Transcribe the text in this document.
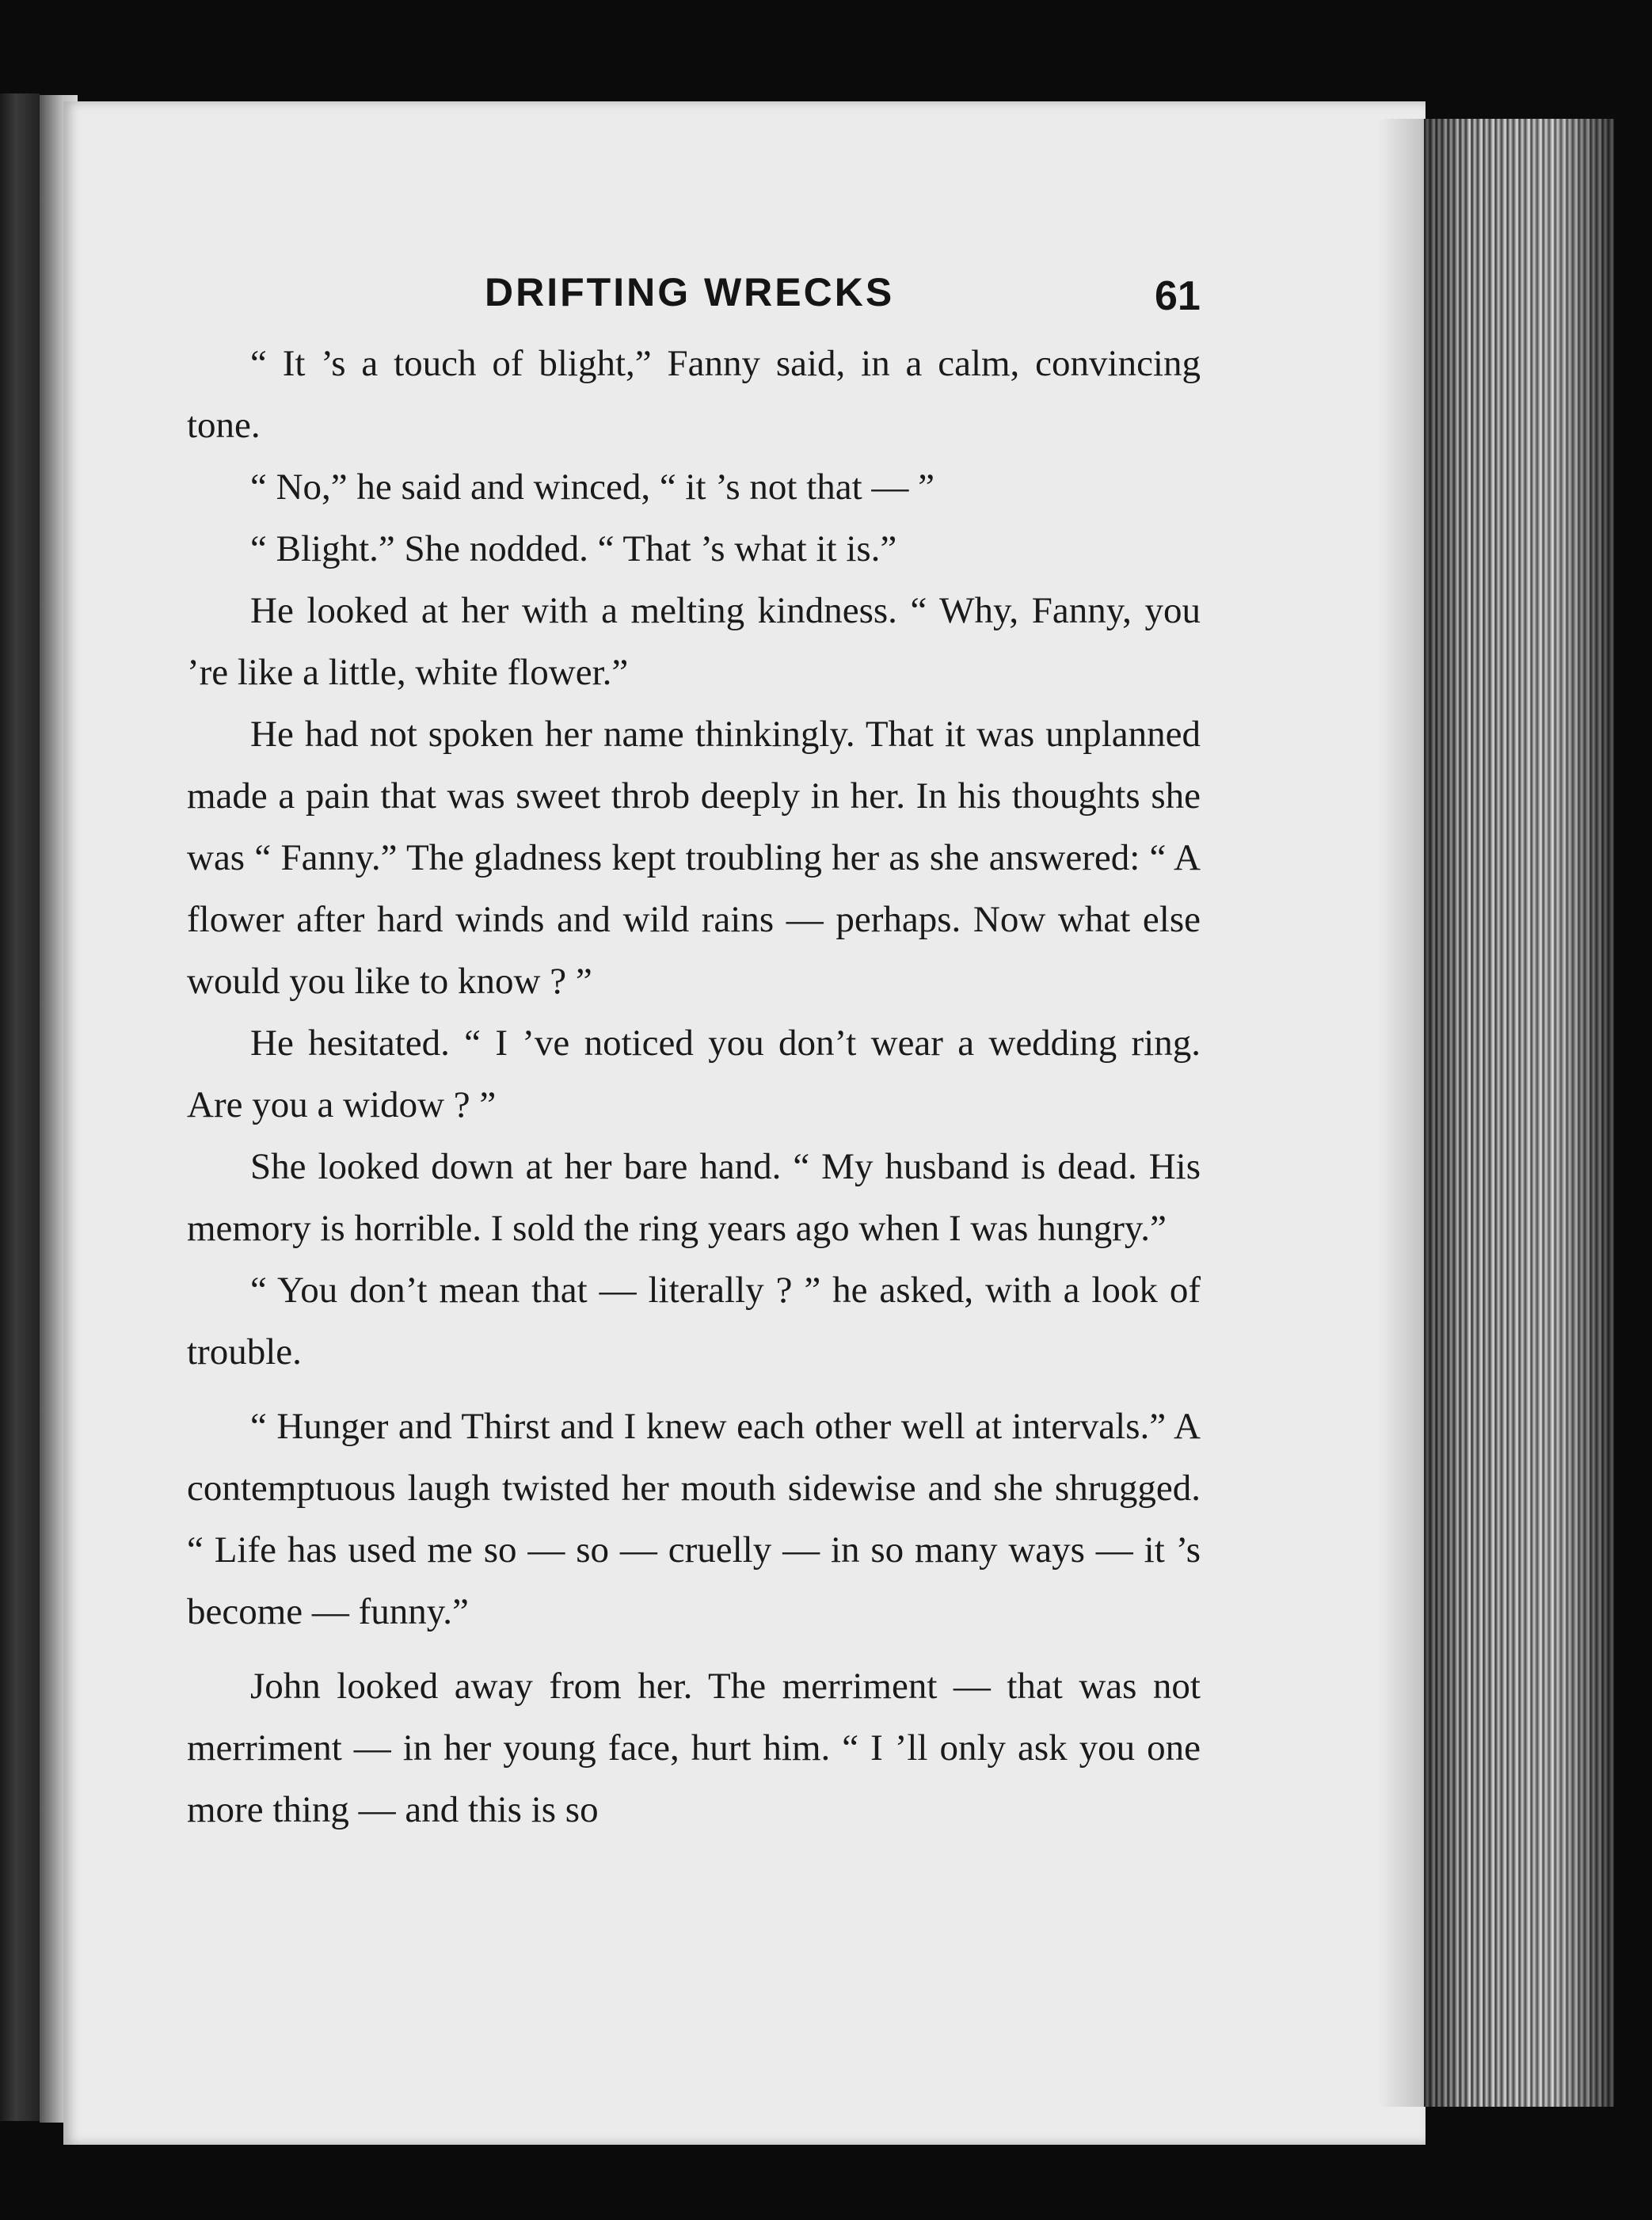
DRIFTING WRECKS	61

“ It ’s a touch of blight,” Fanny said, in a calm, convincing tone.

“ No,” he said and winced, “ it ’s not that — ”

“ Blight.” She nodded. “ That ’s what it is.”

He looked at her with a melting kindness. “ Why, Fanny, you ’re like a little, white flower.”

He had not spoken her name thinkingly. That it was unplanned made a pain that was sweet throb deeply in her. In his thoughts she was “ Fanny.” The gladness kept troubling her as she answered: “ A flower after hard winds and wild rains — perhaps. Now what else would you like to know ? ”

He hesitated. “ I ’ve noticed you don’t wear a wedding ring. Are you a widow ? ”

She looked down at her bare hand. “ My husband is dead. His memory is horrible. I sold the ring years ago when I was hungry.”

“ You don’t mean that — literally ? ” he asked, with a look of trouble.

“ Hunger and Thirst and I knew each other well at intervals.” A contemptuous laugh twisted her mouth sidewise and she shrugged. “ Life has used me so — so — cruelly — in so many ways — it ’s become — funny.”

John looked away from her. The merriment — that was not merriment — in her young face, hurt him. “ I ’ll only ask you one more thing — and this is so
